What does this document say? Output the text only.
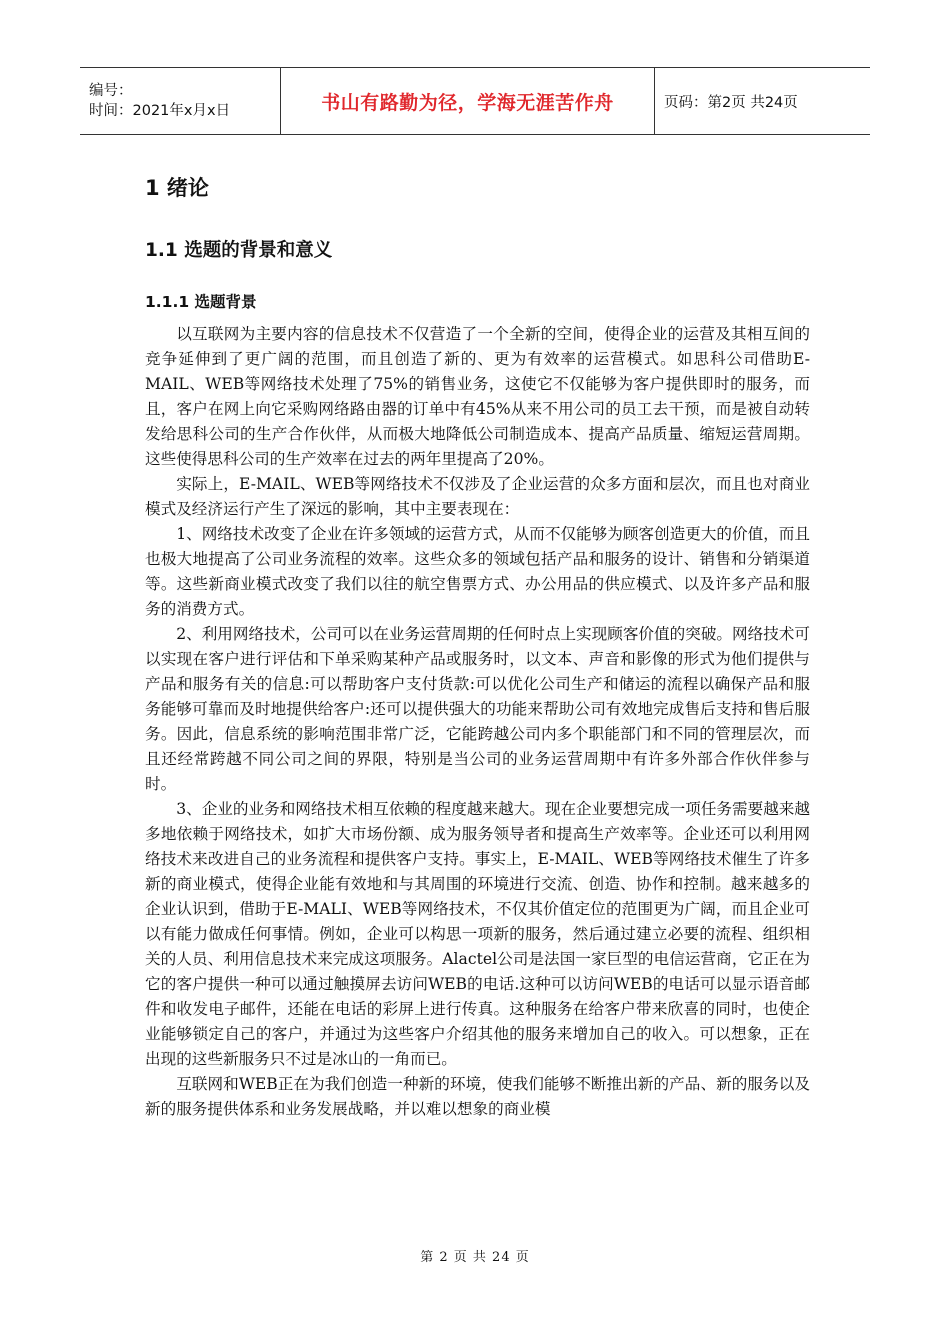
编号：
时间：2021年x月x日	书山有路勤为径，学海无涯苦作舟	页码：第2页 共24页
1 绪论
1.1 选题的背景和意义
1.1.1 选题背景

以互联网为主要内容的信息技术不仅营造了一个全新的空间，使得企业的运营及其相互间的竞争延伸到了更广阔的范围，而且创造了新的、更为有效率的运营模式。如思科公司借助E-MAIL、WEB等网络技术处理了75%的销售业务，这使它不仅能够为客户提供即时的服务，而且，客户在网上向它采购网络路由器的订单中有45%从来不用公司的员工去干预，而是被自动转发给思科公司的生产合作伙伴，从而极大地降低公司制造成本、提高产品质量、缩短运营周期。这些使得思科公司的生产效率在过去的两年里提高了20%。

实际上，E-MAIL、WEB等网络技术不仅涉及了企业运营的众多方面和层次，而且也对商业模式及经济运行产生了深远的影响，其中主要表现在：

1、网络技术改变了企业在许多领域的运营方式，从而不仅能够为顾客创造更大的价值，而且也极大地提高了公司业务流程的效率。这些众多的领域包括产品和服务的设计、销售和分销渠道等。这些新商业模式改变了我们以往的航空售票方式、办公用品的供应模式、以及许多产品和服务的消费方式。

2、利用网络技术，公司可以在业务运营周期的任何时点上实现顾客价值的突破。网络技术可以实现在客户进行评估和下单采购某种产品或服务时，以文本、声音和影像的形式为他们提供与产品和服务有关的信息:可以帮助客户支付货款:可以优化公司生产和储运的流程以确保产品和服务能够可靠而及时地提供给客户:还可以提供强大的功能来帮助公司有效地完成售后支持和售后服务。因此，信息系统的影响范围非常广泛，它能跨越公司内多个职能部门和不同的管理层次，而且还经常跨越不同公司之间的界限，特别是当公司的业务运营周期中有许多外部合作伙伴参与时。

3、企业的业务和网络技术相互依赖的程度越来越大。现在企业要想完成一项任务需要越来越多地依赖于网络技术，如扩大市场份额、成为服务领导者和提高生产效率等。企业还可以利用网络技术来改进自己的业务流程和提供客户支持。事实上，E-MAIL、WEB等网络技术催生了许多新的商业模式，使得企业能有效地和与其周围的环境进行交流、创造、协作和控制。越来越多的企业认识到，借助于E-MALI、WEB等网络技术，不仅其价值定位的范围更为广阔，而且企业可以有能力做成任何事情。例如，企业可以构思一项新的服务，然后通过建立必要的流程、组织相关的人员、利用信息技术来完成这项服务。Alactel公司是法国一家巨型的电信运营商，它正在为它的客户提供一种可以通过触摸屏去访问WEB的电话.这种可以访问WEB的电话可以显示语音邮件和收发电子邮件，还能在电话的彩屏上进行传真。这种服务在给客户带来欣喜的同时，也使企业能够锁定自己的客户，并通过为这些客户介绍其他的服务来增加自己的收入。可以想象，正在出现的这些新服务只不过是冰山的一角而已。

互联网和WEB正在为我们创造一种新的环境，使我们能够不断推出新的产品、新的服务以及新的服务提供体系和业务发展战略，并以难以想象的商业模

第 2 页 共 24 页
